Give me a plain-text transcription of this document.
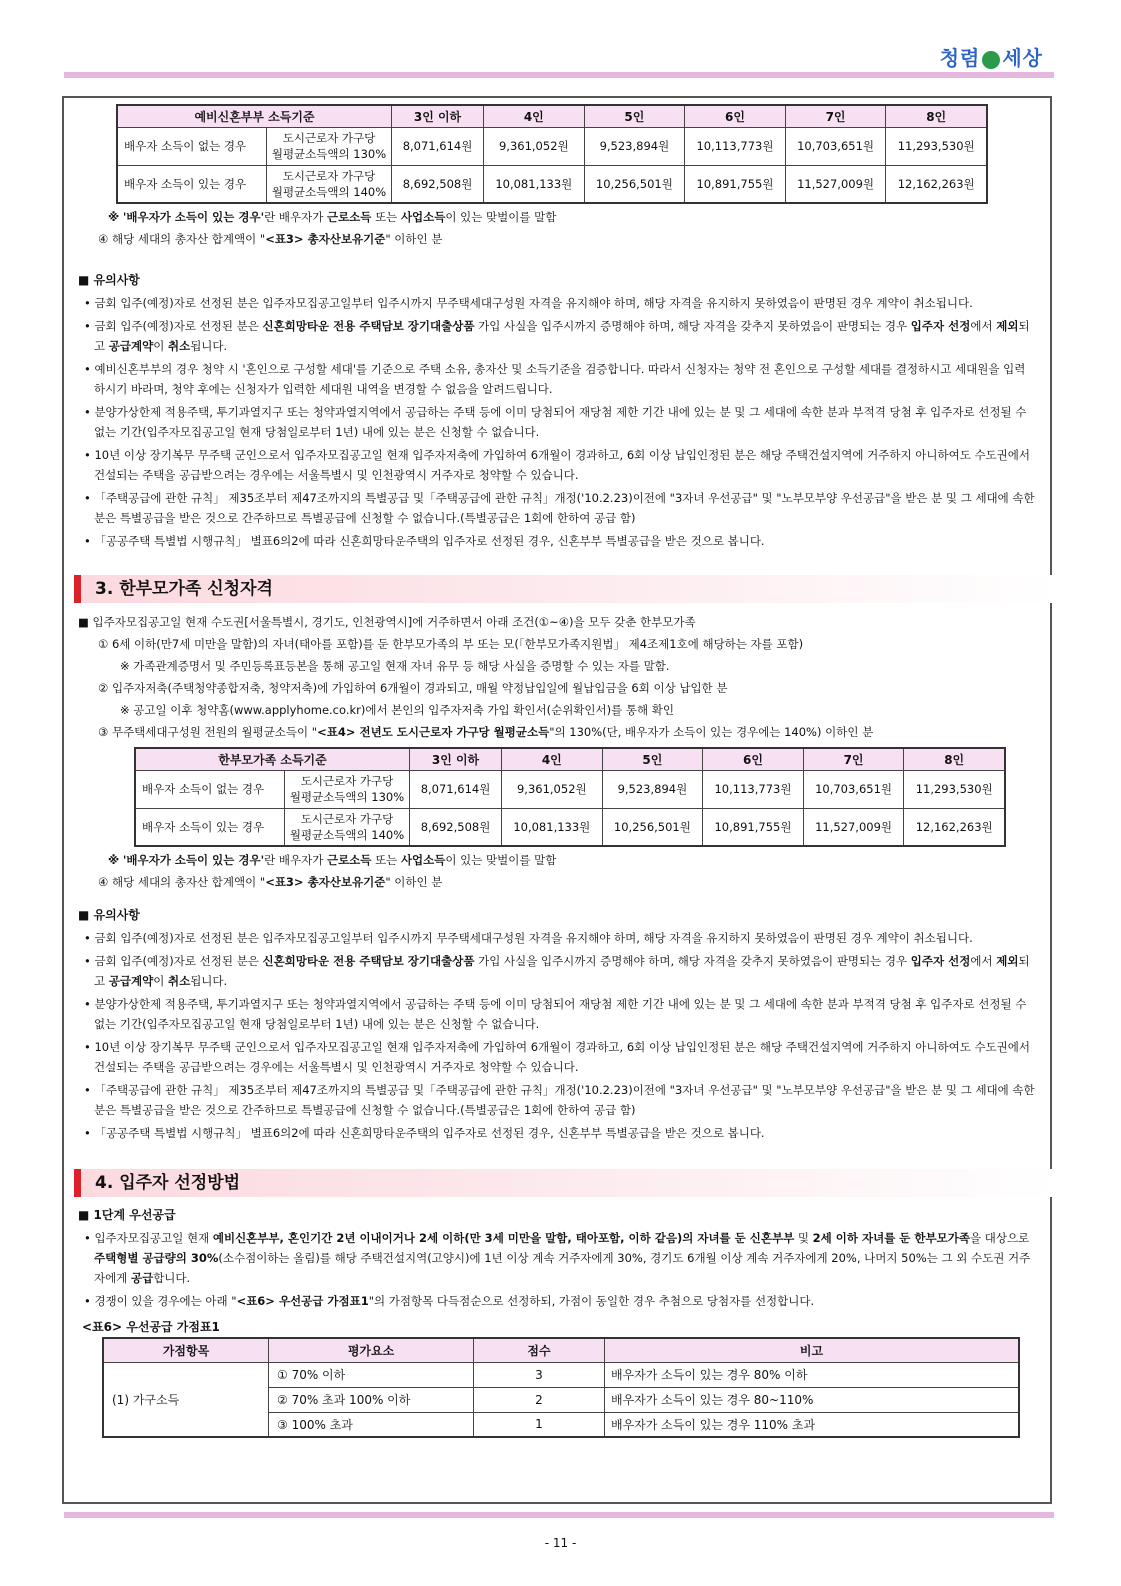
청렴 세상
예비신혼부부 소득기준		3인 이하	4인	5인	6인	7인	8인
배우자 소득이 없는 경우	도시근로자 가구당
월평균소득액의 130%	8,071,614원	9,361,052원	9,523,894원	10,113,773원	10,703,651원	11,293,530원
배우자 소득이 있는 경우	도시근로자 가구당
월평균소득액의 140%	8,692,508원	10,081,133원	10,256,501원	10,891,755원	11,527,009원	12,162,263원
※ '배우자가 소득이 있는 경우'란 배우자가 근로소득 또는 사업소득이 있는 맞벌이를 말함
④ 해당 세대의 총자산 합계액이 "<표3> 총자산보유기준" 이하인 분
■ 유의사항
• 금회 입주(예정)자로 선정된 분은 입주자모집공고일부터 입주시까지 무주택세대구성원 자격을 유지해야 하며, 해당 자격을 유지하지 못하였음이 판명된 경우 계약이 취소됩니다.
• 금회 입주(예정)자로 선정된 분은 신혼희망타운 전용 주택담보 장기대출상품 가입 사실을 입주시까지 증명해야 하며, 해당 자격을 갖추지 못하였음이 판명되는 경우 입주자 선정에서 제외되고 공급계약이 취소됩니다.
• 예비신혼부부의 경우 청약 시 '혼인으로 구성할 세대'를 기준으로 주택 소유, 총자산 및 소득기준을 검증합니다. 따라서 신청자는 청약 전 혼인으로 구성할 세대를 결정하시고 세대원을 입력하시기 바라며, 청약 후에는 신청자가 입력한 세대원 내역을 변경할 수 없음을 알려드립니다.
• 분양가상한제 적용주택, 투기과열지구 또는 청약과열지역에서 공급하는 주택 등에 이미 당첨되어 재당첨 제한 기간 내에 있는 분 및 그 세대에 속한 분과 부적격 당첨 후 입주자로 선정될 수 없는 기간(입주자모집공고일 현재 당첨일로부터 1년) 내에 있는 분은 신청할 수 없습니다.
• 10년 이상 장기복무 무주택 군인으로서 입주자모집공고일 현재 입주자저축에 가입하여 6개월이 경과하고, 6회 이상 납입인정된 분은 해당 주택건설지역에 거주하지 아니하여도 수도권에서 건설되는 주택을 공급받으려는 경우에는 서울특별시 및 인천광역시 거주자로 청약할 수 있습니다.
• 「주택공급에 관한 규칙」 제35조부터 제47조까지의 특별공급 및「주택공급에 관한 규칙」개정('10.2.23)이전에 "3자녀 우선공급" 및 "노부모부양 우선공급"을 받은 분 및 그 세대에 속한 분은 특별공급을 받은 것으로 간주하므로 특별공급에 신청할 수 없습니다.(특별공급은 1회에 한하여 공급 함)
• 「공공주택 특별법 시행규칙」 별표6의2에 따라 신혼희망타운주택의 입주자로 선정된 경우, 신혼부부 특별공급을 받은 것으로 봅니다.
3. 한부모가족 신청자격
■ 입주자모집공고일 현재 수도권[서울특별시, 경기도, 인천광역시]에 거주하면서 아래 조건(①~④)을 모두 갖춘 한부모가족
① 6세 이하(만7세 미만을 말함)의 자녀(태아를 포함)를 둔 한부모가족의 부 또는 모(「한부모가족지원법」 제4조제1호에 해당하는 자를 포함)
※ 가족관계증명서 및 주민등록표등본을 통해 공고일 현재 자녀 유무 등 해당 사실을 증명할 수 있는 자를 말함.
② 입주자저축(주택청약종합저축, 청약저축)에 가입하여 6개월이 경과되고, 매월 약정납입일에 월납입금을 6회 이상 납입한 분
※ 공고일 이후 청약홈(www.applyhome.co.kr)에서 본인의 입주자저축 가입 확인서(순위확인서)를 통해 확인
③ 무주택세대구성원 전원의 월평균소득이 "<표4> 전년도 도시근로자 가구당 월평균소득"의 130%(단, 배우자가 소득이 있는 경우에는 140%) 이하인 분
한부모가족 소득기준		3인 이하	4인	5인	6인	7인	8인
배우자 소득이 없는 경우	도시근로자 가구당
월평균소득액의 130%	8,071,614원	9,361,052원	9,523,894원	10,113,773원	10,703,651원	11,293,530원
배우자 소득이 있는 경우	도시근로자 가구당
월평균소득액의 140%	8,692,508원	10,081,133원	10,256,501원	10,891,755원	11,527,009원	12,162,263원
※ '배우자가 소득이 있는 경우'란 배우자가 근로소득 또는 사업소득이 있는 맞벌이를 말함
④ 해당 세대의 총자산 합계액이 "<표3> 총자산보유기준" 이하인 분
■ 유의사항
• 금회 입주(예정)자로 선정된 분은 입주자모집공고일부터 입주시까지 무주택세대구성원 자격을 유지해야 하며, 해당 자격을 유지하지 못하였음이 판명된 경우 계약이 취소됩니다.
• 금회 입주(예정)자로 선정된 분은 신혼희망타운 전용 주택담보 장기대출상품 가입 사실을 입주시까지 증명해야 하며, 해당 자격을 갖추지 못하였음이 판명되는 경우 입주자 선정에서 제외되고 공급계약이 취소됩니다.
• 분양가상한제 적용주택, 투기과열지구 또는 청약과열지역에서 공급하는 주택 등에 이미 당첨되어 재당첨 제한 기간 내에 있는 분 및 그 세대에 속한 분과 부적격 당첨 후 입주자로 선정될 수 없는 기간(입주자모집공고일 현재 당첨일로부터 1년) 내에 있는 분은 신청할 수 없습니다.
• 10년 이상 장기복무 무주택 군인으로서 입주자모집공고일 현재 입주자저축에 가입하여 6개월이 경과하고, 6회 이상 납입인정된 분은 해당 주택건설지역에 거주하지 아니하여도 수도권에서 건설되는 주택을 공급받으려는 경우에는 서울특별시 및 인천광역시 거주자로 청약할 수 있습니다.
• 「주택공급에 관한 규칙」 제35조부터 제47조까지의 특별공급 및「주택공급에 관한 규칙」개정('10.2.23)이전에 "3자녀 우선공급" 및 "노부모부양 우선공급"을 받은 분 및 그 세대에 속한 분은 특별공급을 받은 것으로 간주하므로 특별공급에 신청할 수 없습니다.(특별공급은 1회에 한하여 공급 함)
• 「공공주택 특별법 시행규칙」 별표6의2에 따라 신혼희망타운주택의 입주자로 선정된 경우, 신혼부부 특별공급을 받은 것으로 봅니다.
4. 입주자 선정방법
■ 1단계 우선공급
• 입주자모집공고일 현재 예비신혼부부, 혼인기간 2년 이내이거나 2세 이하(만 3세 미만을 말함, 태아포함, 이하 같음)의 자녀를 둔 신혼부부 및 2세 이하 자녀를 둔 한부모가족을 대상으로 주택형별 공급량의 30%(소수점이하는 올림)를 해당 주택건설지역(고양시)에 1년 이상 계속 거주자에게 30%, 경기도 6개월 이상 계속 거주자에게 20%, 나머지 50%는 그 외 수도권 거주자에게 공급합니다.
• 경쟁이 있을 경우에는 아래 "<표6> 우선공급 가점표1"의 가점항목 다득점순으로 선정하되, 가점이 동일한 경우 추첨으로 당첨자를 선정합니다.
<표6> 우선공급 가점표1
가점항목	평가요소	점수	비고
(1) 가구소득	① 70% 이하	3	배우자가 소득이 있는 경우 80% 이하
	② 70% 초과 100% 이하	2	배우자가 소득이 있는 경우 80~110%
	③ 100% 초과	1	배우자가 소득이 있는 경우 110% 초과
- 11 -
